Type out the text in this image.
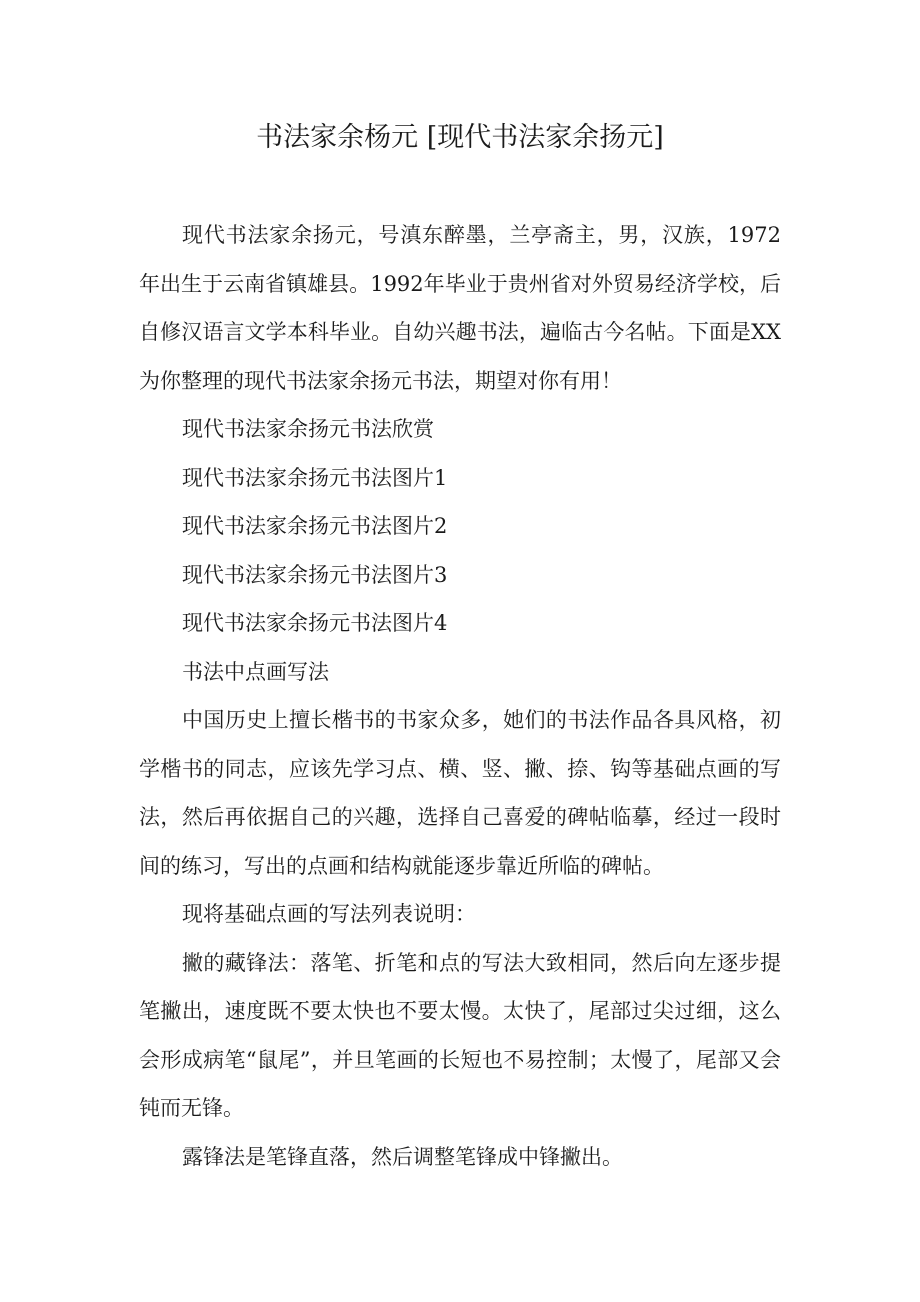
书法家余杨元 [现代书法家余扬元]

现代书法家余扬元，号滇东醉墨，兰亭斋主，男，汉族，1972年出生于云南省镇雄县。1992年毕业于贵州省对外贸易经济学校，后自修汉语言文学本科毕业。自幼兴趣书法，遍临古今名帖。下面是XX为你整理的现代书法家余扬元书法，期望对你有用！

现代书法家余扬元书法欣赏

现代书法家余扬元书法图片1

现代书法家余扬元书法图片2

现代书法家余扬元书法图片3

现代书法家余扬元书法图片4

书法中点画写法

中国历史上擅长楷书的书家众多，她们的书法作品各具风格，初学楷书的同志，应该先学习点、横、竖、撇、捺、钩等基础点画的写法，然后再依据自己的兴趣，选择自己喜爱的碑帖临摹，经过一段时间的练习，写出的点画和结构就能逐步靠近所临的碑帖。

现将基础点画的写法列表说明：

撇的藏锋法：落笔、折笔和点的写法大致相同，然后向左逐步提笔撇出，速度既不要太快也不要太慢。太快了，尾部过尖过细，这么会形成病笔“鼠尾”，并旦笔画的长短也不易控制；太慢了，尾部又会钝而无锋。

露锋法是笔锋直落，然后调整笔锋成中锋撇出。
